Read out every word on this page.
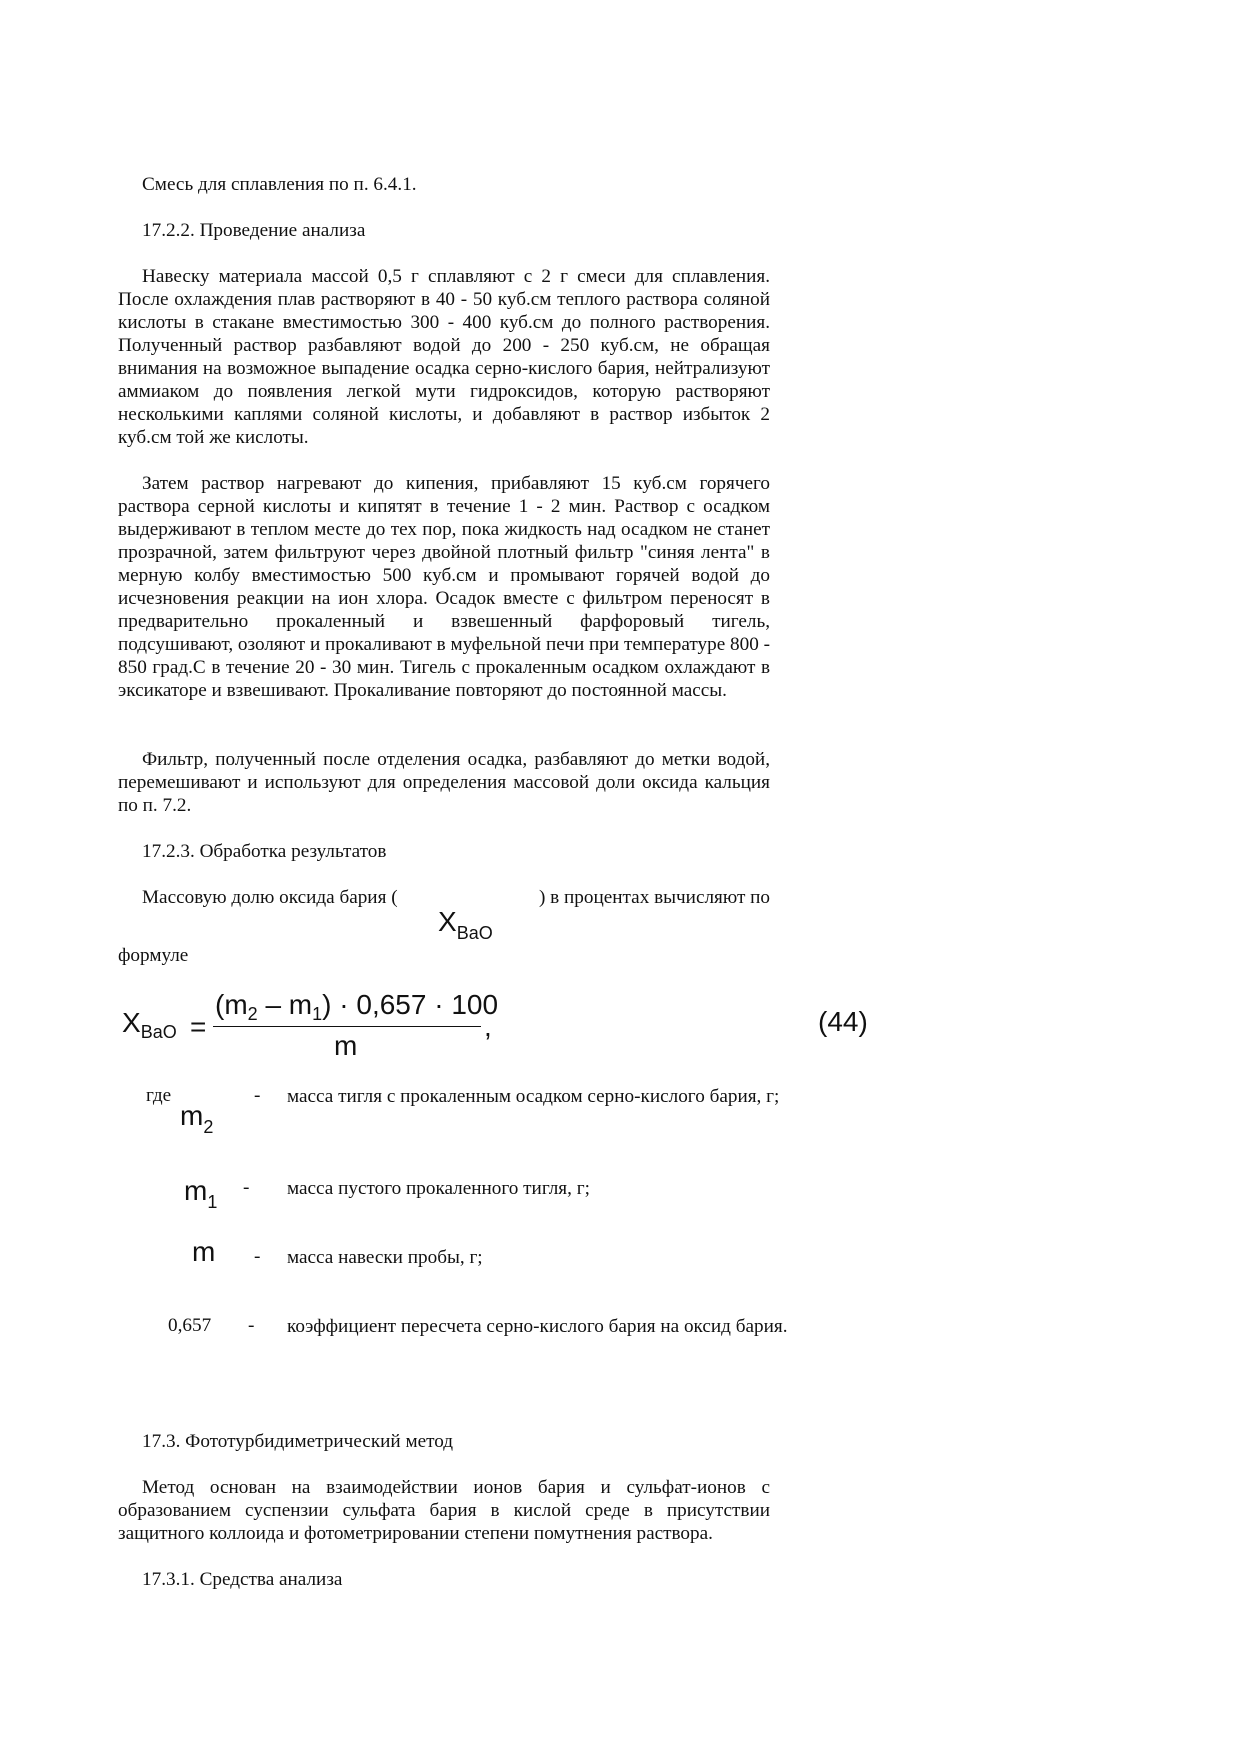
Смесь для сплавления по п. 6.4.1.

17.2.2. Проведение анализа

Навеску материала массой 0,5 г сплавляют с 2 г смеси для сплавления. После охлаждения плав растворяют в 40 - 50 куб.см теплого раствора соляной кислоты в стакане вместимостью 300 - 400 куб.см до полного растворения. Полученный раствор разбавляют водой до 200 - 250 куб.см, не обращая внимания на возможное выпадение осадка серно-кислого бария, нейтрализуют аммиаком до появления легкой мути гидроксидов, которую растворяют несколькими каплями соляной кислоты, и добавляют в раствор избыток 2 куб.см той же кислоты.

Затем раствор нагревают до кипения, прибавляют 15 куб.см горячего раствора серной кислоты и кипятят в течение 1 - 2 мин. Раствор с осадком выдерживают в теплом месте до тех пор, пока жидкость над осадком не станет прозрачной, затем фильтруют через двойной плотный фильтр "синяя лента" в мерную колбу вместимостью 500 куб.см и промывают горячей водой до исчезновения реакции на ион хлора. Осадок вместе с фильтром переносят в предварительно прокаленный и взвешенный фарфоровый тигель, подсушивают, озоляют и прокаливают в муфельной печи при температуре 800 - 850 град.С в течение 20 - 30 мин. Тигель с прокаленным осадком охлаждают в эксикаторе и взвешивают. Прокаливание повторяют до постоянной массы.

Фильтр, полученный после отделения осадка, разбавляют до метки водой, перемешивают и используют для определения массовой доли оксида кальция по п. 7.2.

17.2.3. Обработка результатов

Массовую долю оксида бария (	) в процентах вычисляют по
$X_{BaO}$

формуле

$X_{BaO}$ =
$(m_2 - m_1) \cdot 0,657 \cdot 100$
m
,	(44)
где
$m_2$
- масса тигля с прокаленным осадком серно-кислого бария, г;
$m_1$
- масса пустого прокаленного тигля, г;
m - масса навески пробы, г;
0,657 - коэффициент пересчета серно-кислого бария на оксид бария.

17.3. Фототурбидиметрический метод

Метод основан на взаимодействии ионов бария и сульфат-ионов с образованием суспензии сульфата бария в кислой среде в присутствии защитного коллоида и фотометрировании степени помутнения раствора.

17.3.1. Средства анализа
